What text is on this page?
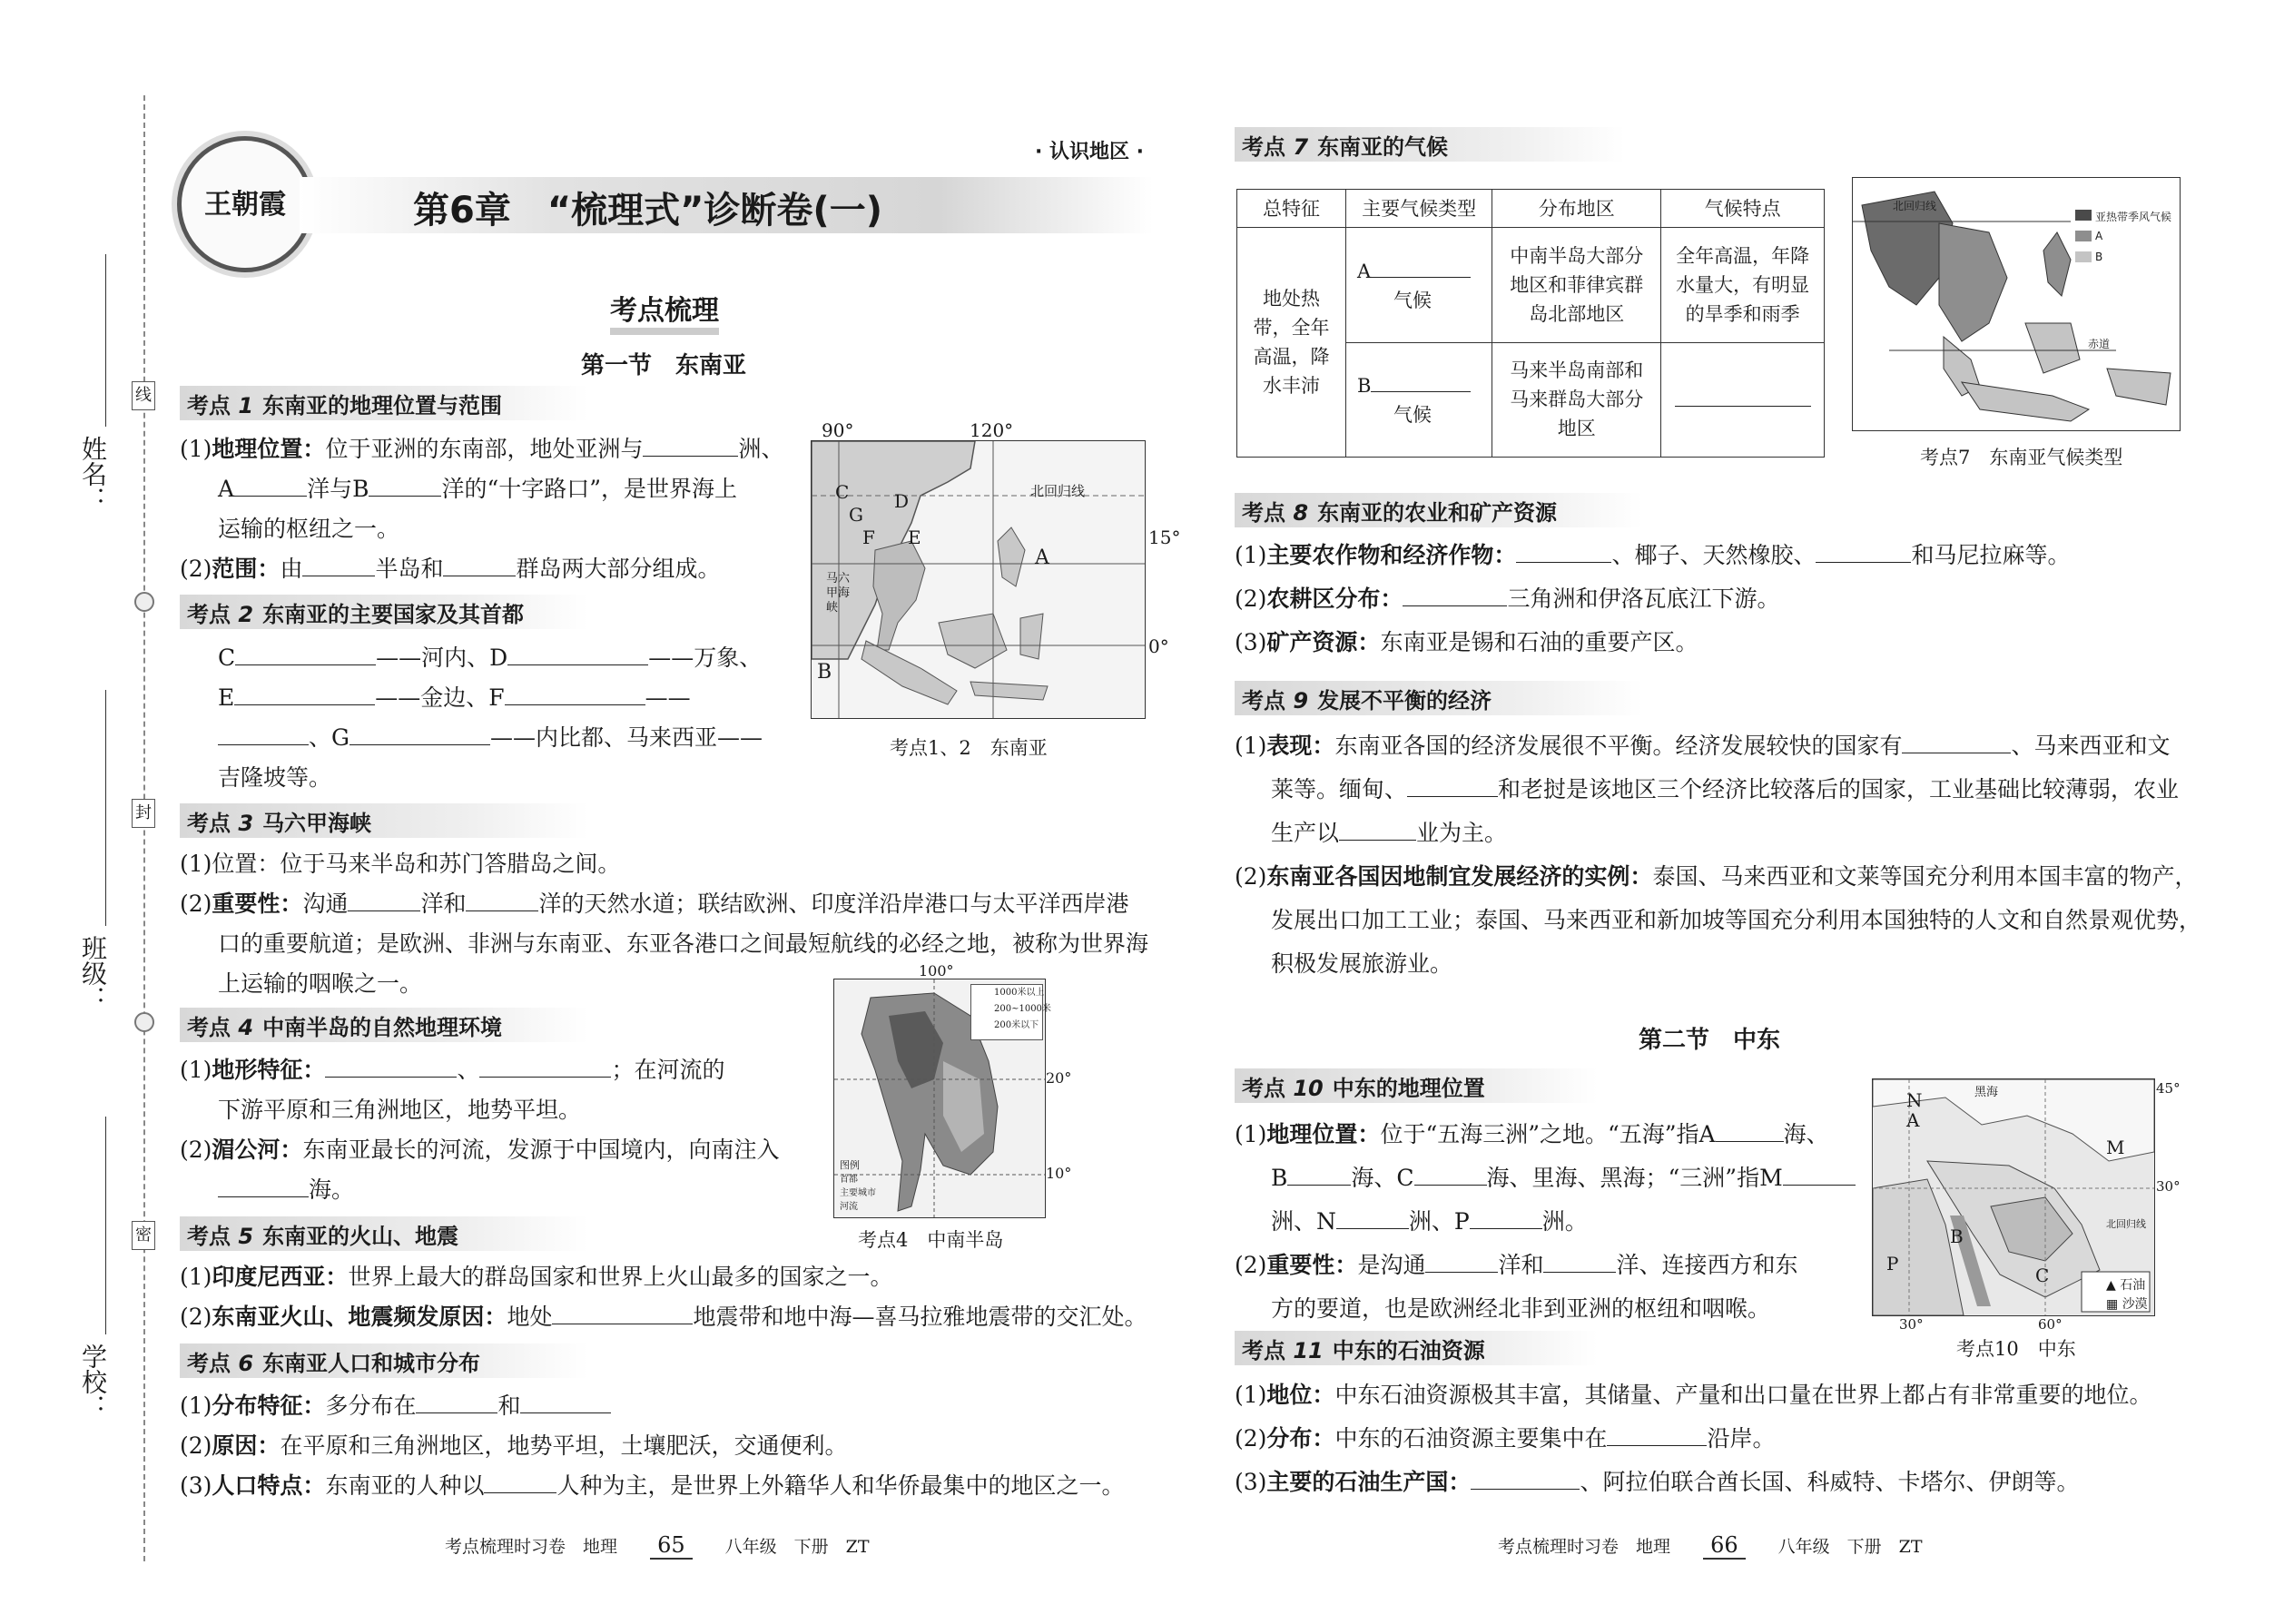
姓名：
班级：
学校：
线
封
密
王朝霞
· 认识地区 ·
第6章　“梳理式”诊断卷(一)
考点梳理
第一节　东南亚
考点 1 东南亚的地理位置与范围
(1)地理位置：位于亚洲的东南部，地处亚洲与	洲、
A	洋与B	洋的“十字路口”，是世界海上
运输的枢纽之一。
(2)范围：由	半岛和	群岛两大部分组成。
90°	120°
15°
0°
北回归线
马六甲海峡
A
B
C D
E
F
G
考点1、2　东南亚
考点 2 东南亚的主要国家及其首都
C	——河内、D	——万象、
E	——金边、F	——
、G	——内比都、马来西亚——
吉隆坡等。
考点 3 马六甲海峡
(1)位置：位于马来半岛和苏门答腊岛之间。
(2)重要性：沟通	洋和	洋的天然水道；联结欧洲、印度洋沿岸港口与太平洋西岸港
口的重要航道；是欧洲、非洲与东南亚、东亚各港口之间最短航线的必经之地，被称为世界海
上运输的咽喉之一。	1000米以上
200~1000米
200米以下
图例
首都
主要城市
河流
100°
20°
10°
考点4　中南半岛
考点 4 中南半岛的自然地理环境
(1)地形特征：	、	；在河流的
下游平原和三角洲地区，地势平坦。
(2)湄公河：东南亚最长的河流，发源于中国境内，向南注入
海。
考点 5 东南亚的火山、地震
(1)印度尼西亚：世界上最大的群岛国家和世界上火山最多的国家之一。
(2)东南亚火山、地震频发原因：地处	地震带和地中海—喜马拉雅地震带的交汇处。
考点 6 东南亚人口和城市分布
(1)分布特征：多分布在	和
(2)原因：在平原和三角洲地区，地势平坦，土壤肥沃，交通便利。
(3)人口特点：东南亚的人种以	人种为主，是世界上外籍华人和华侨最集中的地区之一。
考点梳理时习卷　地理 65 八年级　下册　ZT
考点 7 东南亚的气候
总特征	主要气候类型	分布地区	气候特点
地处热带，全年高温，降水丰沛	A
气候	中南半岛大部分地区和菲律宾群岛北部地区	全年高温，年降水量大，有明显的旱季和雨季

	B
气候	马来半岛南部和马来群岛大部分地区	
北回归线
赤道
亚热带季风气候
A
B
考点7　东南亚气候类型
考点 8 东南亚的农业和矿产资源
(1)主要农作物和经济作物：	、椰子、天然橡胶、	和马尼拉麻等。
(2)农耕区分布：	三角洲和伊洛瓦底江下游。
(3)矿产资源：东南亚是锡和石油的重要产区。
考点 9 发展不平衡的经济
(1)表现：东南亚各国的经济发展很不平衡。经济发展较快的国家有	、马来西亚和文
莱等。缅甸、	和老挝是该地区三个经济比较落后的国家，工业基础比较薄弱，农业
生产以	业为主。
(2)东南亚各国因地制宜发展经济的实例：泰国、马来西亚和文莱等国充分利用本国丰富的物产，
发展出口加工工业；泰国、马来西亚和新加坡等国充分利用本国独特的人文和自然景观优势，
积极发展旅游业。
第二节　中东
考点 10 中东的地理位置
(1)地理位置：位于“五海三洲”之地。“五海”指A	海、
B	海、C	海、里海、黑海；“三洲”指M
洲、N	洲、P	洲。
(2)重要性：是沟通	洋和	洋、连接西方和东
方的要道，也是欧洲经北非到亚洲的枢纽和咽喉。
45°
30°
30°	60°
黑海
北回归线
N
A
M
B
C
P
▲ 石油
▦ 沙漠
考点10　中东
考点 11 中东的石油资源
(1)地位：中东石油资源极其丰富，其储量、产量和出口量在世界上都占有非常重要的地位。
(2)分布：中东的石油资源主要集中在	沿岸。
(3)主要的石油生产国：	、阿拉伯联合酋长国、科威特、卡塔尔、伊朗等。
考点梳理时习卷　地理 66 八年级　下册　ZT
